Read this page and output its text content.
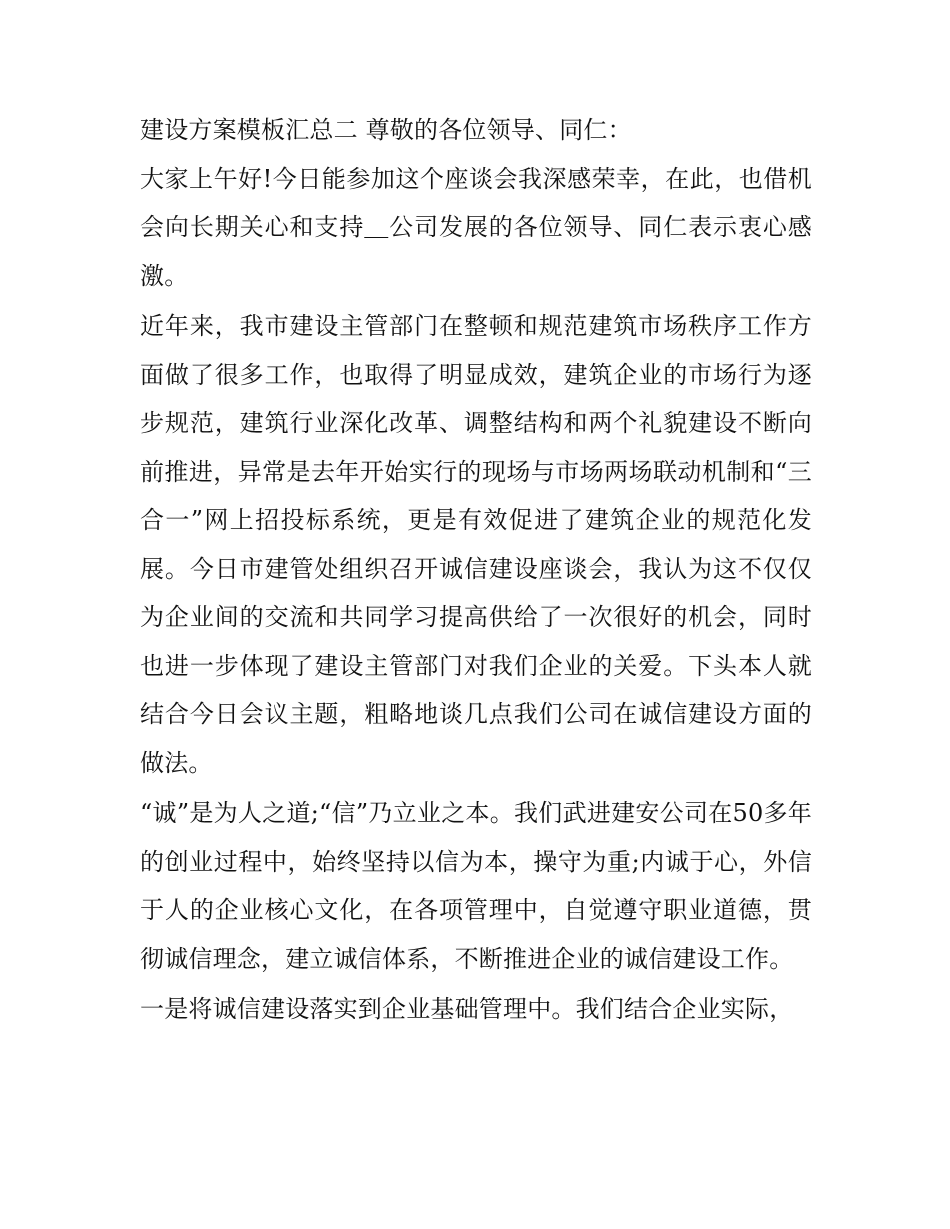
建设方案模板汇总二 尊敬的各位领导、同仁：

大家上午好!今日能参加这个座谈会我深感荣幸，在此，也借机会向长期关心和支持＿公司发展的各位领导、同仁表示衷心感激。

近年来，我市建设主管部门在整顿和规范建筑市场秩序工作方面做了很多工作，也取得了明显成效，建筑企业的市场行为逐步规范，建筑行业深化改革、调整结构和两个礼貌建设不断向前推进，异常是去年开始实行的现场与市场两场联动机制和“三合一”网上招投标系统，更是有效促进了建筑企业的规范化发展。今日市建管处组织召开诚信建设座谈会，我认为这不仅仅为企业间的交流和共同学习提高供给了一次很好的机会，同时也进一步体现了建设主管部门对我们企业的关爱。下头本人就结合今日会议主题，粗略地谈几点我们公司在诚信建设方面的做法。

“诚”是为人之道;“信”乃立业之本。我们武进建安公司在50多年的创业过程中，始终坚持以信为本，操守为重;内诚于心，外信于人的企业核心文化，在各项管理中，自觉遵守职业道德，贯彻诚信理念，建立诚信体系，不断推进企业的诚信建设工作。

一是将诚信建设落实到企业基础管理中。我们结合企业实际，
